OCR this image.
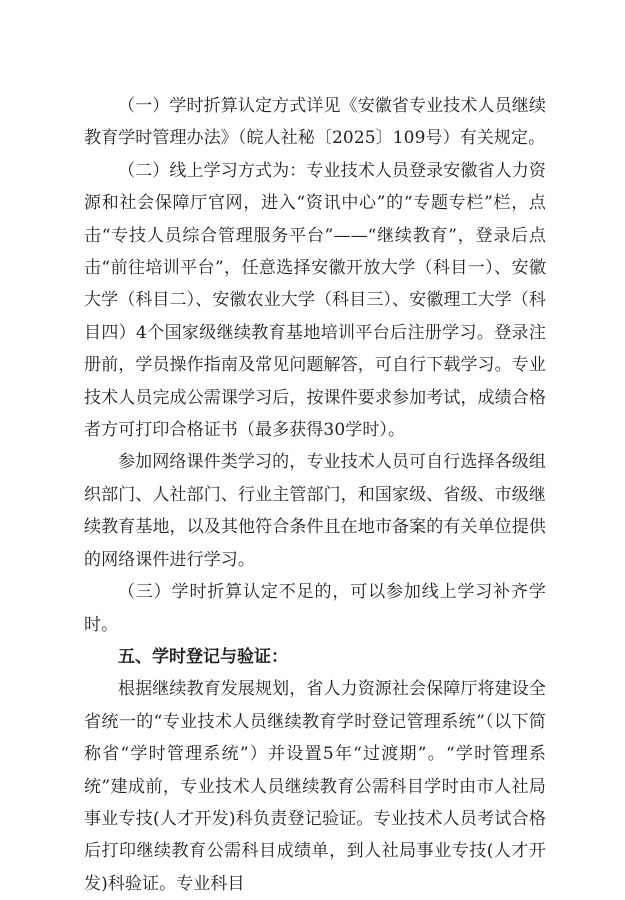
（一）学时折算认定方式详见《安徽省专业技术人员继续教育学时管理办法》（皖人社秘〔2025〕109号）有关规定。

（二）线上学习方式为：专业技术人员登录安徽省人力资源和社会保障厅官网，进入“资讯中心”的“专题专栏”栏，点击“专技人员综合管理服务平台”——“继续教育”，登录后点击“前往培训平台”，任意选择安徽开放大学（科目一）、安徽大学（科目二）、安徽农业大学（科目三）、安徽理工大学（科目四）4个国家级继续教育基地培训平台后注册学习。登录注册前，学员操作指南及常见问题解答，可自行下载学习。专业技术人员完成公需课学习后，按课件要求参加考试，成绩合格者方可打印合格证书（最多获得30学时）。

参加网络课件类学习的，专业技术人员可自行选择各级组织部门、人社部门、行业主管部门，和国家级、省级、市级继续教育基地，以及其他符合条件且在地市备案的有关单位提供的网络课件进行学习。

（三）学时折算认定不足的，可以参加线上学习补齐学时。

五、学时登记与验证：

根据继续教育发展规划，省人力资源社会保障厅将建设全省统一的“专业技术人员继续教育学时登记管理系统”（以下简称省“学时管理系统”）并设置5年“过渡期”。“学时管理系统”建成前，专业技术人员继续教育公需科目学时由市人社局事业专技(人才开发)科负责登记验证。专业技术人员考试合格后打印继续教育公需科目成绩单，到人社局事业专技(人才开发)科验证。专业科目
